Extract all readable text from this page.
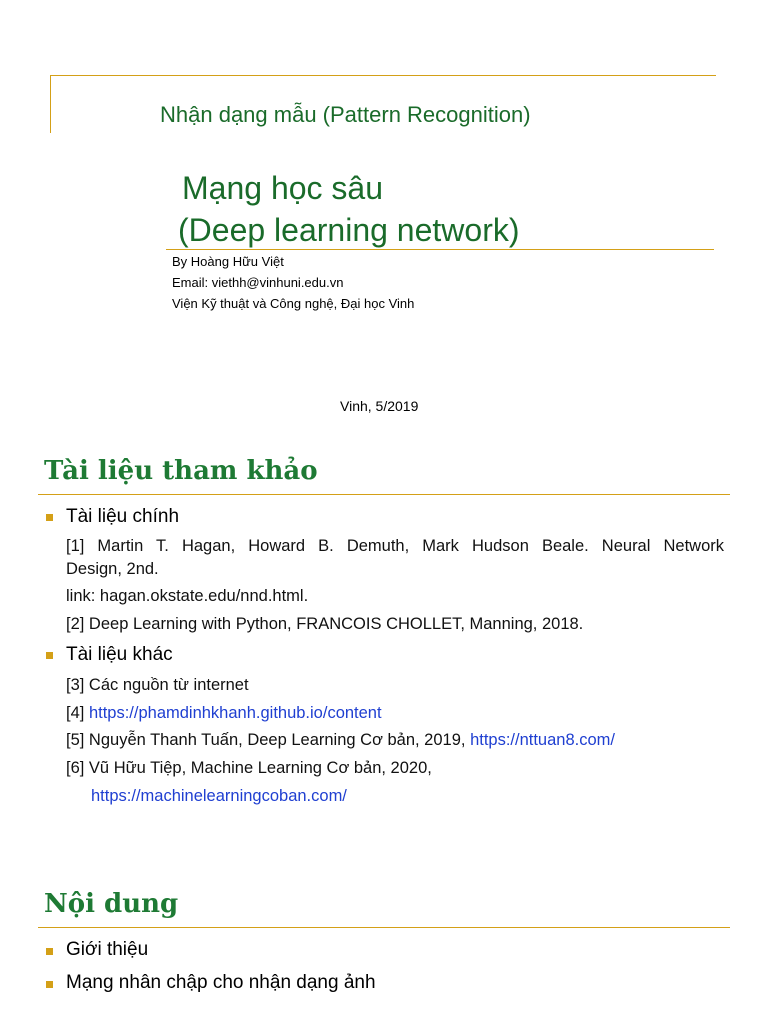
Nhận dạng mẫu (Pattern Recognition)

Mạng học sâu

(Deep learning network)

By Hoàng Hữu Việt

Email: viethh@vinhuni.edu.vn

Viện Kỹ thuật và Công nghệ, Đại học Vinh

Vinh, 5/2019

Tài liệu tham khảo

Tài liệu chính

[1] Martin T. Hagan, Howard B. Demuth, Mark Hudson Beale. Neural Network

Design, 2nd.

link: hagan.okstate.edu/nnd.html.

[2] Deep Learning with Python, FRANCOIS CHOLLET, Manning, 2018.

Tài liệu khác

[3] Các nguồn từ internet

[4] https://phamdinhkhanh.github.io/content

[5] Nguyễn Thanh Tuấn, Deep Learning Cơ bản, 2019, https://nttuan8.com/

[6] Vũ Hữu Tiệp, Machine Learning Cơ bản, 2020,

https://machinelearningcoban.com/

Nội dung

Giới thiệu

Mạng nhân chập cho nhận dạng ảnh
